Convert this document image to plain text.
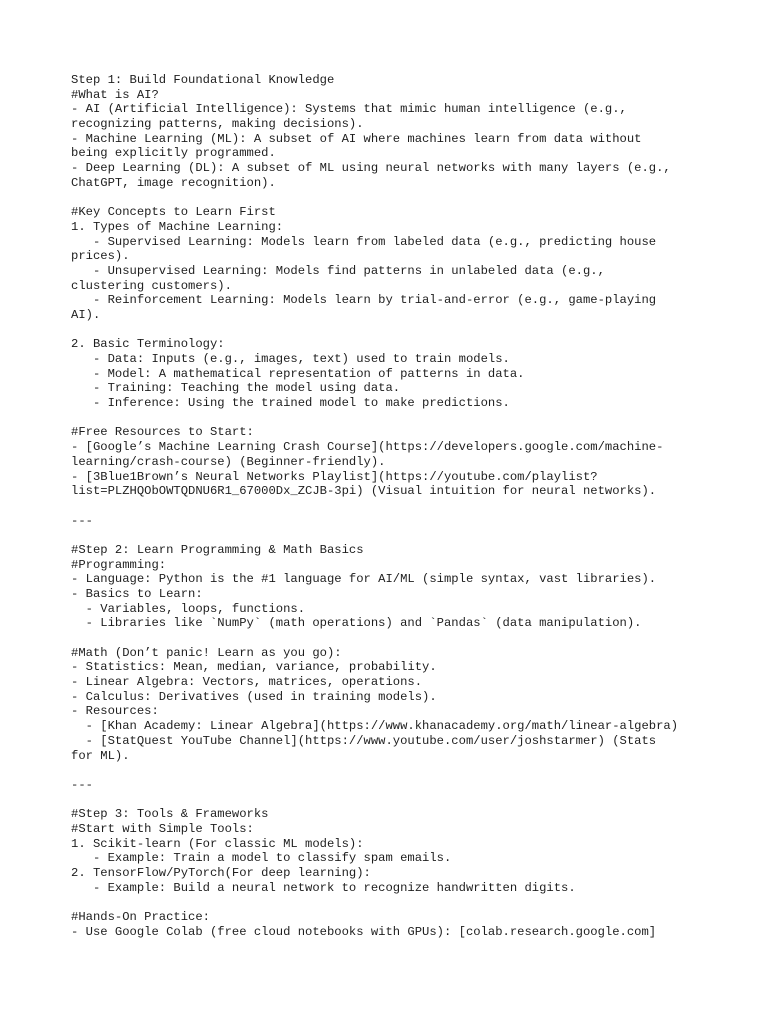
Step 1: Build Foundational Knowledge
#What is AI?
- AI (Artificial Intelligence): Systems that mimic human intelligence (e.g.,
recognizing patterns, making decisions).
- Machine Learning (ML): A subset of AI where machines learn from data without
being explicitly programmed.
- Deep Learning (DL): A subset of ML using neural networks with many layers (e.g.,
ChatGPT, image recognition).
#Key Concepts to Learn First
1. Types of Machine Learning:
- Supervised Learning: Models learn from labeled data (e.g., predicting house
prices).
- Unsupervised Learning: Models find patterns in unlabeled data (e.g.,
clustering customers).
- Reinforcement Learning: Models learn by trial-and-error (e.g., game-playing
AI).
2. Basic Terminology:
- Data: Inputs (e.g., images, text) used to train models.
- Model: A mathematical representation of patterns in data.
- Training: Teaching the model using data.
- Inference: Using the trained model to make predictions.
#Free Resources to Start:
- [Google’s Machine Learning Crash Course](https://developers.google.com/machine-
learning/crash-course) (Beginner-friendly).
- [3Blue1Brown’s Neural Networks Playlist](https://youtube.com/playlist?
list=PLZHQObOWTQDNU6R1_67000Dx_ZCJB-3pi) (Visual intuition for neural networks).
---
#Step 2: Learn Programming & Math Basics
#Programming:
- Language: Python is the #1 language for AI/ML (simple syntax, vast libraries).
- Basics to Learn:
- Variables, loops, functions.
- Libraries like `NumPy` (math operations) and `Pandas` (data manipulation).
#Math (Don’t panic! Learn as you go):
- Statistics: Mean, median, variance, probability.
- Linear Algebra: Vectors, matrices, operations.
- Calculus: Derivatives (used in training models).
- Resources:
- [Khan Academy: Linear Algebra](https://www.khanacademy.org/math/linear-algebra)
- [StatQuest YouTube Channel](https://www.youtube.com/user/joshstarmer) (Stats
for ML).
---
#Step 3: Tools & Frameworks
#Start with Simple Tools:
1. Scikit-learn (For classic ML models):
- Example: Train a model to classify spam emails.
2. TensorFlow/PyTorch(For deep learning):
- Example: Build a neural network to recognize handwritten digits.
#Hands-On Practice:
- Use Google Colab (free cloud notebooks with GPUs): [colab.research.google.com]
